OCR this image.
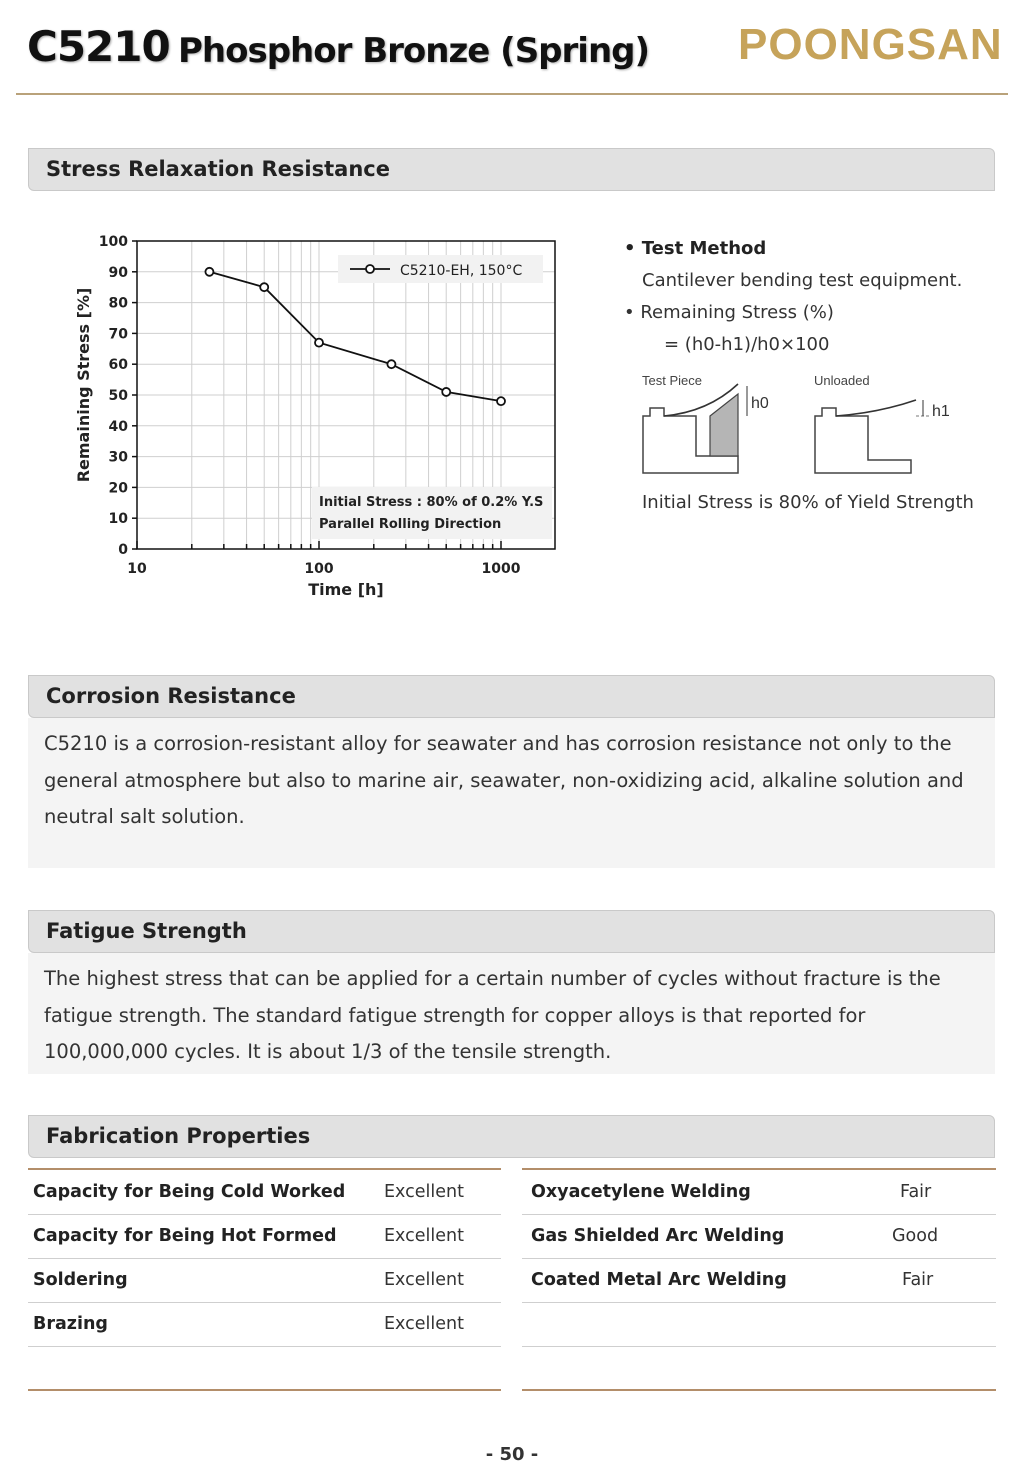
C5210 Phosphor Bronze (Spring) POONGSAN
Stress Relaxation Resistance
0
10
20
30
40
50
60
70
80
90
100
10	100	1000
C5210-EH, 150°C
Initial Stress : 80% of 0.2% Y.S
Parallel Rolling Direction
Time [h]
Remaining Stress [%]
• Test Method
Cantilever bending test equipment.
• Remaining Stress (%)
= (h0-h1)/h0×100
Test Piece
h0
Unloaded
h1
Initial Stress is 80% of Yield Strength
Corrosion Resistance
C5210 is a corrosion-resistant alloy for seawater and has corrosion resistance not only to the general atmosphere but also to marine air, seawater, non-oxidizing acid, alkaline solution and neutral salt solution.
Fatigue Strength
The highest stress that can be applied for a certain number of cycles without fracture is the fatigue strength. The standard fatigue strength for copper alloys is that reported for 100,000,000 cycles. It is about 1/3 of the tensile strength.
Fabrication Properties
Capacity for Being Cold Worked Excellent
Capacity for Being Hot Formed	Excellent
Soldering	Excellent
Brazing	Excellent
Oxyacetylene Welding	Fair
Gas Shielded Arc Welding	Good
Coated Metal Arc Welding	Fair
- 50 -
